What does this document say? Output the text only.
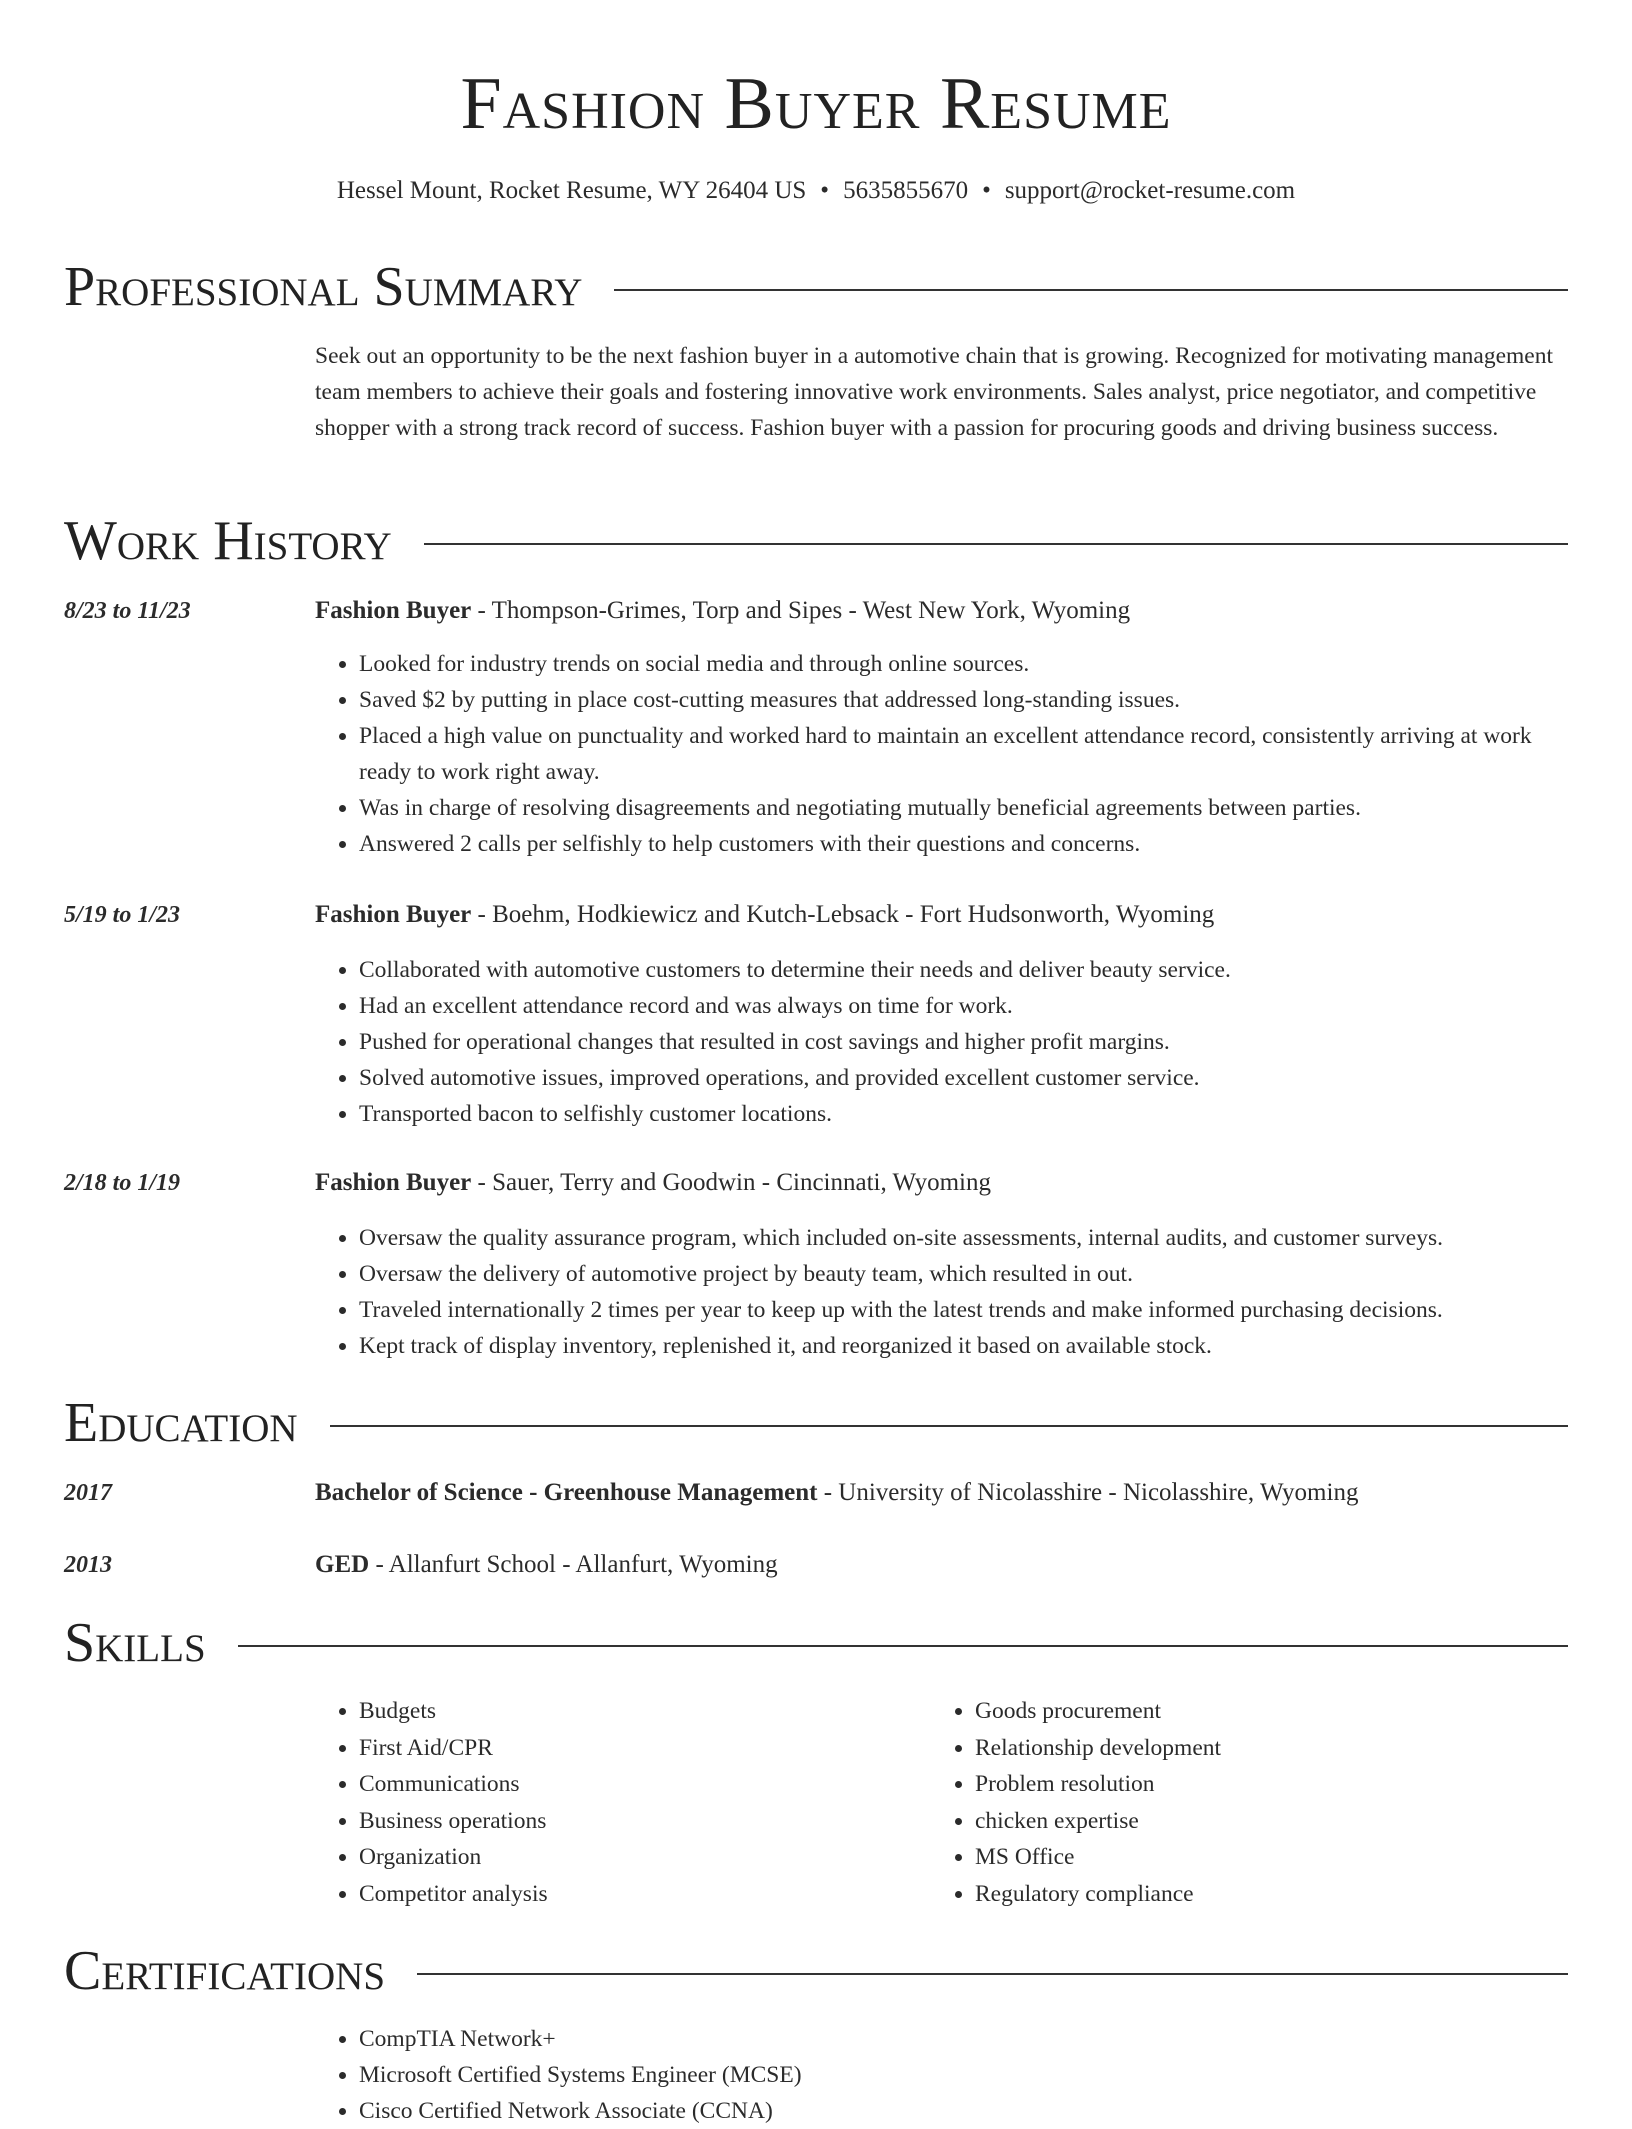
Fashion Buyer Resume
Hessel Mount, Rocket Resume, WY 26404 US • 5635855670 • support@rocket-resume.com
Professional Summary
Seek out an opportunity to be the next fashion buyer in a automotive chain that is growing. Recognized for motivating management team members to achieve their goals and fostering innovative work environments. Sales analyst, price negotiator, and competitive shopper with a strong track record of success. Fashion buyer with a passion for procuring goods and driving business success.
Work History
8/23 to 11/23	Fashion Buyer - Thompson-Grimes, Torp and Sipes - West New York, Wyoming
• Looked for industry trends on social media and through online sources.
• Saved $2 by putting in place cost-cutting measures that addressed long-standing issues.
• Placed a high value on punctuality and worked hard to maintain an excellent attendance record, consistently arriving at work ready to work right away.
• Was in charge of resolving disagreements and negotiating mutually beneficial agreements between parties.
• Answered 2 calls per selfishly to help customers with their questions and concerns.
5/19 to 1/23	Fashion Buyer - Boehm, Hodkiewicz and Kutch-Lebsack - Fort Hudsonworth, Wyoming
• Collaborated with automotive customers to determine their needs and deliver beauty service.
• Had an excellent attendance record and was always on time for work.
• Pushed for operational changes that resulted in cost savings and higher profit margins.
• Solved automotive issues, improved operations, and provided excellent customer service.
• Transported bacon to selfishly customer locations.
2/18 to 1/19	Fashion Buyer - Sauer, Terry and Goodwin - Cincinnati, Wyoming
• Oversaw the quality assurance program, which included on-site assessments, internal audits, and customer surveys.
• Oversaw the delivery of automotive project by beauty team, which resulted in out.
• Traveled internationally 2 times per year to keep up with the latest trends and make informed purchasing decisions.
• Kept track of display inventory, replenished it, and reorganized it based on available stock.
Education
2017	Bachelor of Science - Greenhouse Management - University of Nicolasshire - Nicolasshire, Wyoming
2013	GED - Allanfurt School - Allanfurt, Wyoming
Skills
• Budgets
• First Aid/CPR
• Communications
• Business operations
• Organization
• Competitor analysis
• Goods procurement
• Relationship development
• Problem resolution
• chicken expertise
• MS Office
• Regulatory compliance
Certifications
• CompTIA Network+
• Microsoft Certified Systems Engineer (MCSE)
• Cisco Certified Network Associate (CCNA)
